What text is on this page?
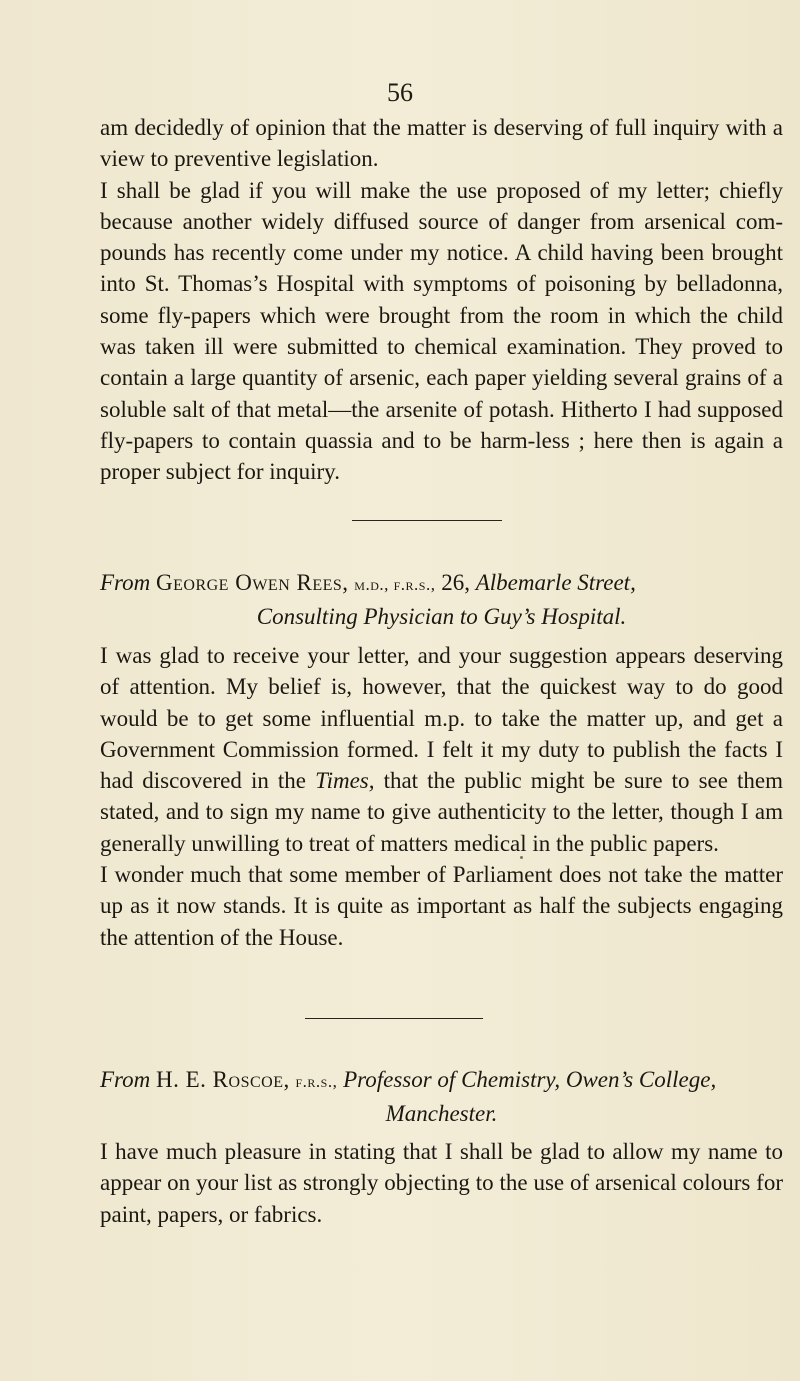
56

am decidedly of opinion that the matter is deserving of full inquiry with a view to preventive legislation.

I shall be glad if you will make the use proposed of my letter; chiefly because another widely diffused source of danger from arsenical com-pounds has recently come under my notice. A child having been brought into St. Thomas’s Hospital with symptoms of poisoning by belladonna, some fly-papers which were brought from the room in which the child was taken ill were submitted to chemical examination. They proved to contain a large quantity of arsenic, each paper yielding several grains of a soluble salt of that metal—the arsenite of potash. Hitherto I had supposed fly-papers to contain quassia and to be harm-less ; here then is again a proper subject for inquiry.

From George Owen Rees, m.d., f.r.s., 26, Albemarle Street,
Consulting Physician to Guy’s Hospital.

I was glad to receive your letter, and your suggestion appears deserving of attention. My belief is, however, that the quickest way to do good would be to get some influential m.p. to take the matter up, and get a Government Commission formed. I felt it my duty to publish the facts I had discovered in the Times, that the public might be sure to see them stated, and to sign my name to give authenticity to the letter, though I am generally unwilling to treat of matters medical in the public papers.

I wonder much that some member of Parliament does not take the matter up as it now stands. It is quite as important as half the subjects engaging the attention of the House.

From H. E. Roscoe, f.r.s., Professor of Chemistry, Owen’s College,
Manchester.

I have much pleasure in stating that I shall be glad to allow my name to appear on your list as strongly objecting to the use of arsenical colours for paint, papers, or fabrics.
